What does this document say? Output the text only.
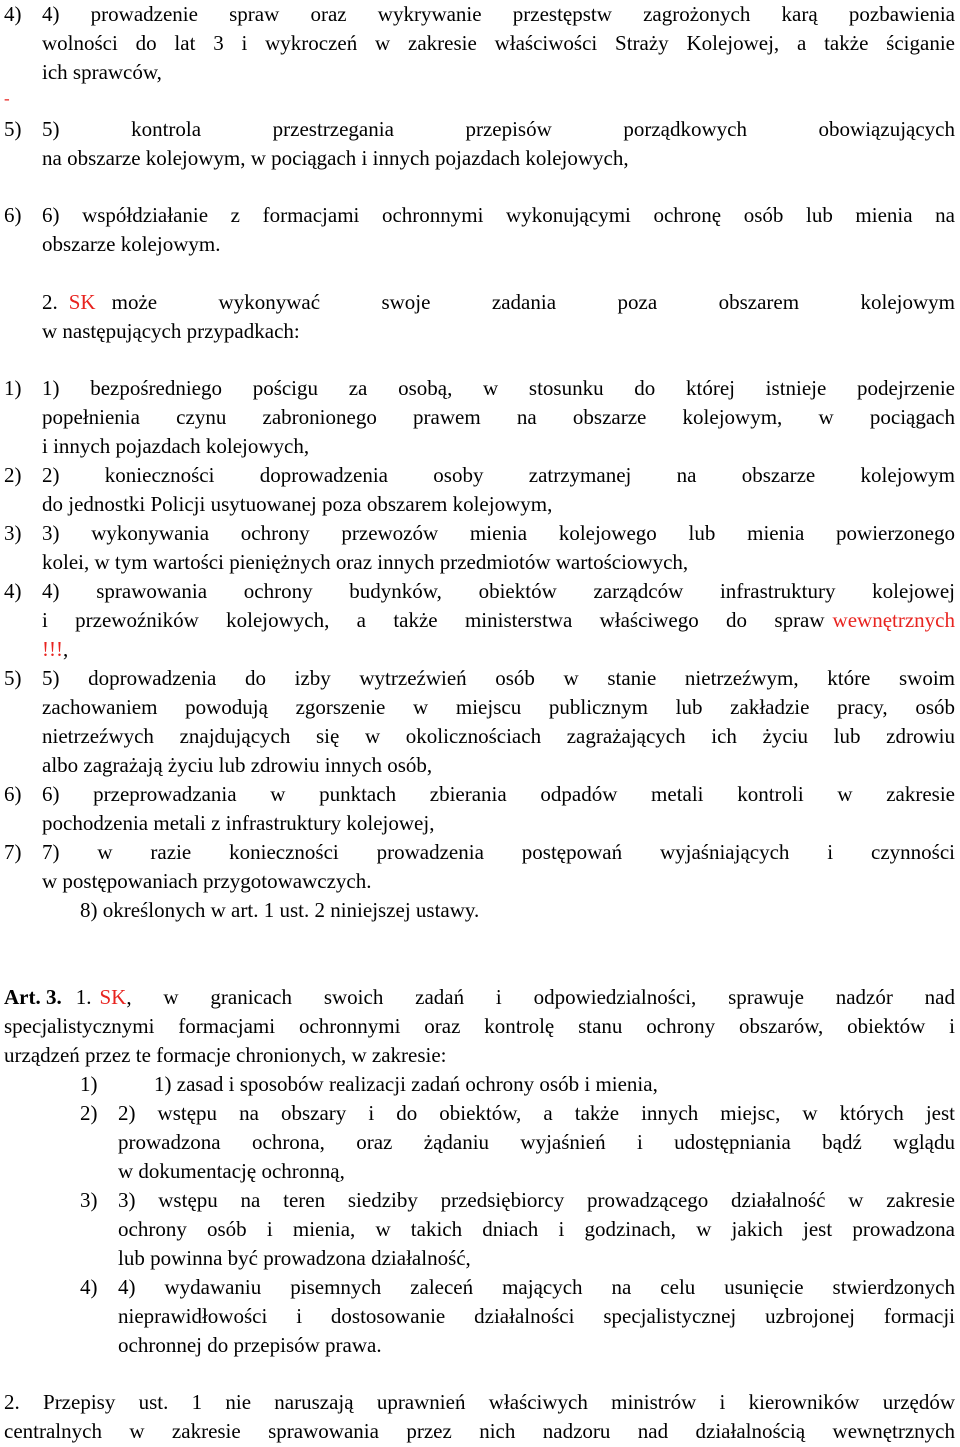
4) 4) prowadzenie spraw oraz wykrywanie przestępstw zagrożonych karą pozbawienia
wolności do lat 3 i wykroczeń w zakresie właściwości Straży Kolejowej, a także ściganie
ich sprawców,
-
5) 5) kontrola przestrzegania przepisów porządkowych obowiązujących
na obszarze kolejowym, w pociągach i innych pojazdach kolejowych,
6) 6) współdziałanie z formacjami ochronnymi wykonującymi ochronę osób lub mienia na
obszarze kolejowym.
2. SK może wykonywać swoje zadania poza obszarem kolejowym
w następujących przypadkach:
1) 1) bezpośredniego pościgu za osobą, w stosunku do której istnieje podejrzenie
popełnienia czynu zabronionego prawem na obszarze kolejowym, w pociągach
i innych pojazdach kolejowych,
2) 2) konieczności doprowadzenia osoby zatrzymanej na obszarze kolejowym
do jednostki Policji usytuowanej poza obszarem kolejowym,
3) 3) wykonywania ochrony przewozów mienia kolejowego lub mienia powierzonego
kolei, w tym wartości pieniężnych oraz innych przedmiotów wartościowych,
4) 4) sprawowania ochrony budynków, obiektów zarządców infrastruktury kolejowej
i przewoźników kolejowych, a także ministerstwa właściwego do spraw wewnętrznych
!!!,
5) 5) doprowadzenia do izby wytrzeźwień osób w stanie nietrzeźwym, które swoim
zachowaniem powodują zgorszenie w miejscu publicznym lub zakładzie pracy, osób
nietrzeźwych znajdujących się w okolicznościach zagrażających ich życiu lub zdrowiu
albo zagrażają życiu lub zdrowiu innych osób,
6) 6) przeprowadzania w punktach zbierania odpadów metali kontroli w zakresie
pochodzenia metali z infrastruktury kolejowej,
7) 7) w razie konieczności prowadzenia postępowań wyjaśniających i czynności
w postępowaniach przygotowawczych.
8) określonych w art. 1 ust. 2 niniejszej ustawy.
Art. 3. 1. SK , w granicach swoich zadań i odpowiedzialności, sprawuje nadzór nad
specjalistycznymi formacjami ochronnymi oraz kontrolę stanu ochrony obszarów, obiektów i
urządzeń przez te formacje chronionych, w zakresie:
1)	1) zasad i sposobów realizacji zadań ochrony osób i mienia,
2) 2) wstępu na obszary i do obiektów, a także innych miejsc, w których jest
prowadzona ochrona, oraz żądaniu wyjaśnień i udostępniania bądź wglądu
w dokumentację ochronną,
3) 3) wstępu na teren siedziby przedsiębiorcy prowadzącego działalność w zakresie
ochrony osób i mienia, w takich dniach i godzinach, w jakich jest prowadzona
lub powinna być prowadzona działalność,
4) 4) wydawaniu pisemnych zaleceń mających na celu usunięcie stwierdzonych
nieprawidłowości i dostosowanie działalności specjalistycznej uzbrojonej formacji
ochronnej do przepisów prawa.
2. Przepisy ust. 1 nie naruszają uprawnień właściwych ministrów i kierowników urzędów
centralnych w zakresie sprawowania przez nich nadzoru nad działalnością wewnętrznych
